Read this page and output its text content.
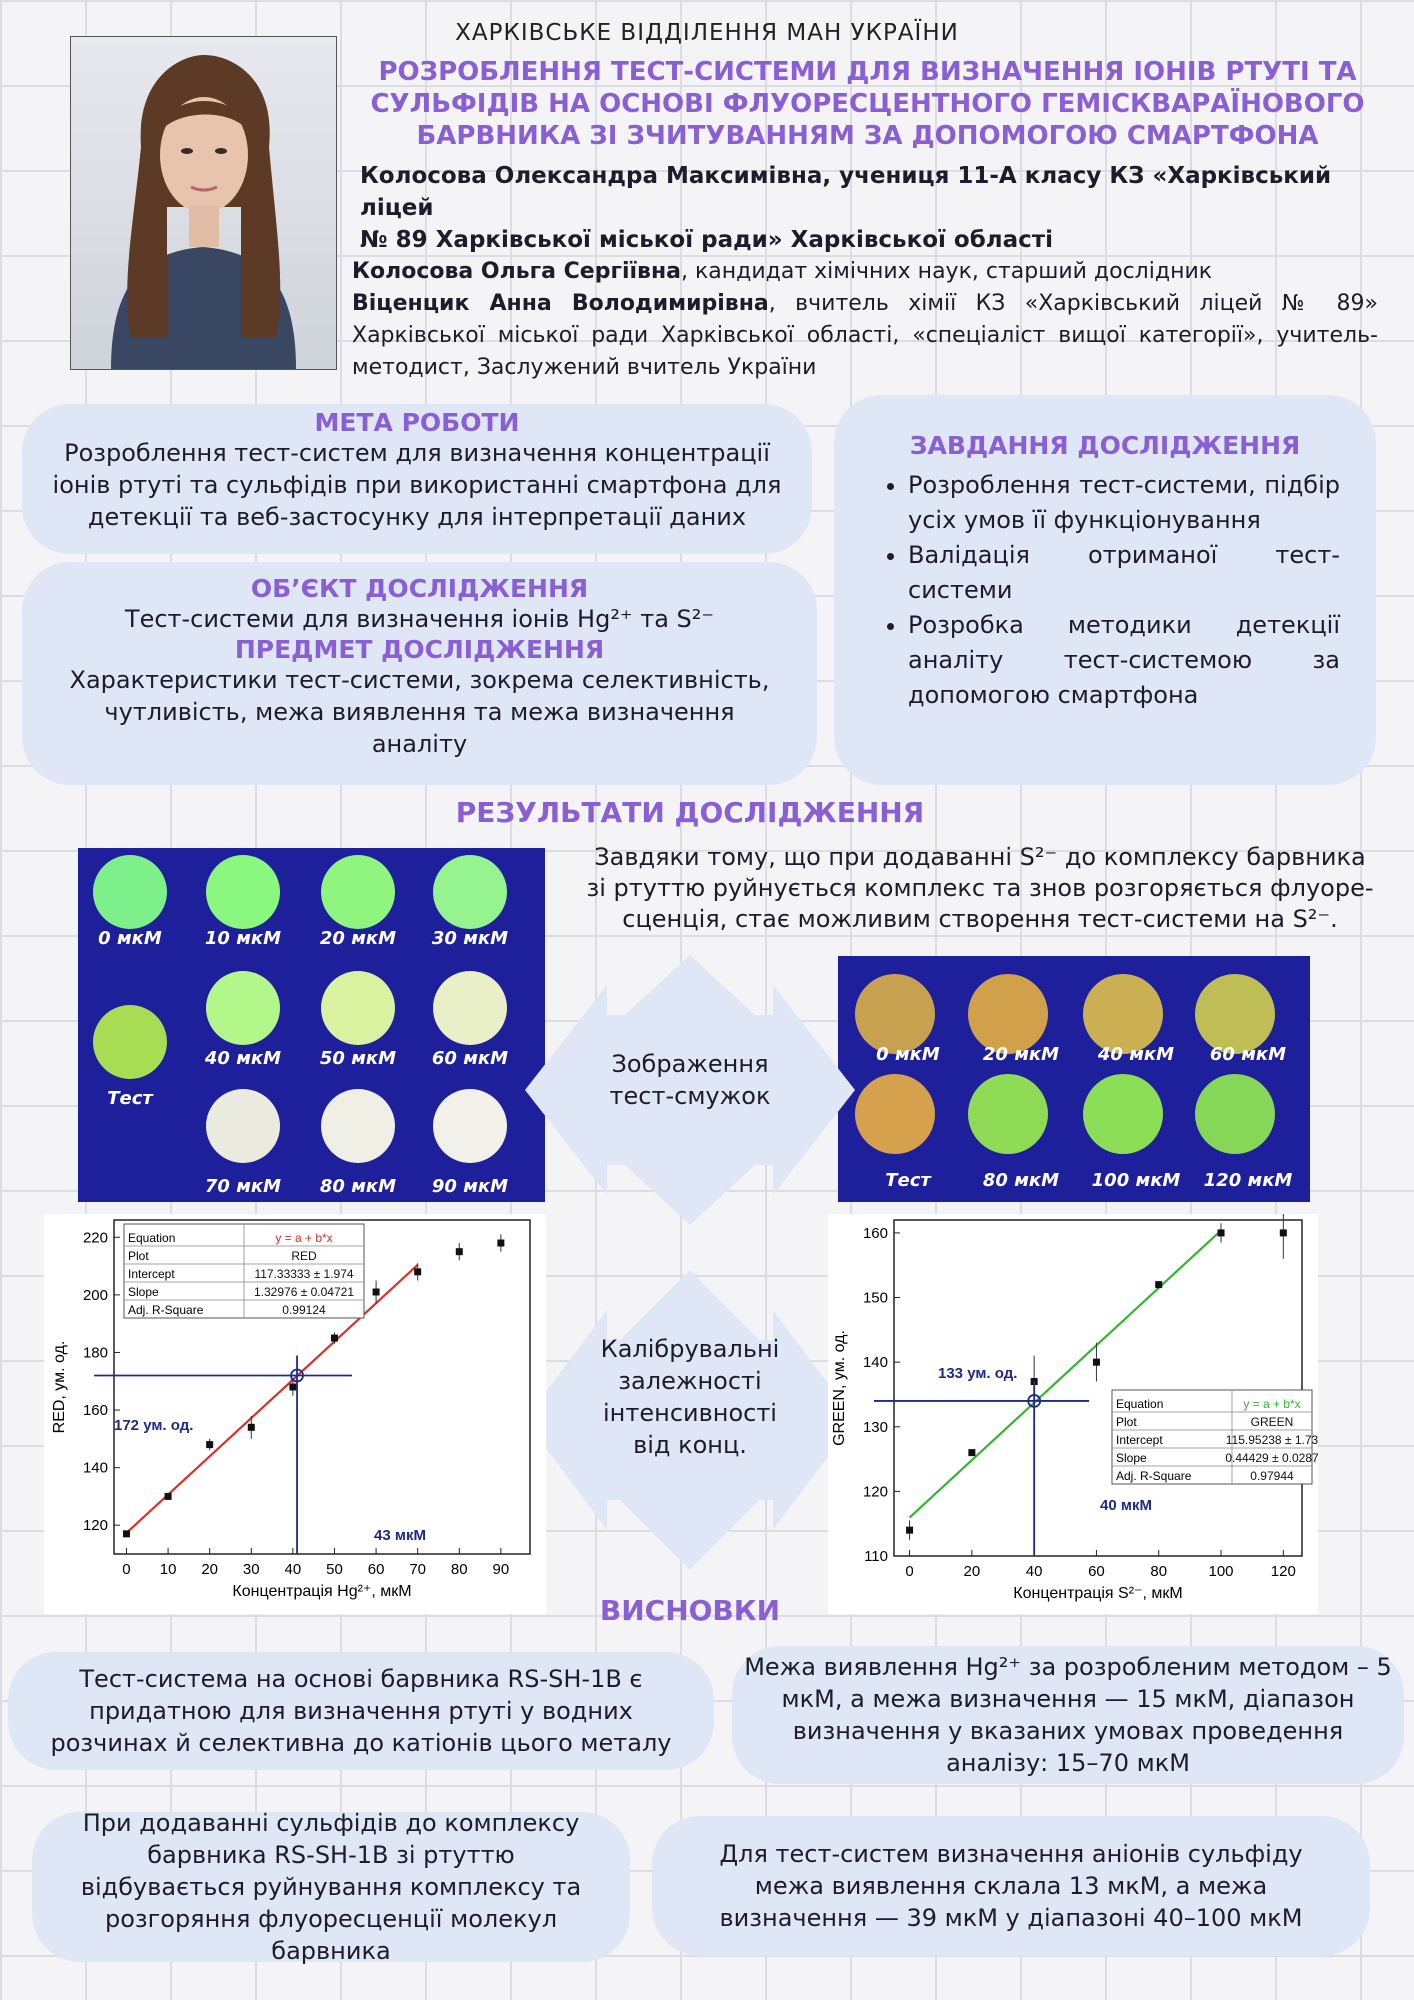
ХАРКІВСЬКЕ ВІДДІЛЕННЯ МАН УКРАЇНИ
РОЗРОБЛЕННЯ ТЕСТ-СИСТЕМИ ДЛЯ ВИЗНАЧЕННЯ ІОНІВ РТУТІ ТА
СУЛЬФІДІВ НА ОСНОВІ ФЛУОРЕСЦЕНТНОГО ГЕМІСКВАРАЇНОВОГО
БАРВНИКА ЗІ ЗЧИТУВАННЯМ ЗА ДОПОМОГОЮ СМАРТФОНА
Колосова Олександра Максимівна, учениця 11-А класу КЗ «Харківський ліцей
№ 89 Харківської міської ради» Харківської області
Колосова Ольга Сергіївна, кандидат хімічних наук, старший дослідник
Віценцик Анна Володимирівна, вчитель хімії КЗ «Харківський ліцей № 89» Харківської міської ради Харківської області, «спеціаліст вищої категорії», учитель-методист, Заслужений вчитель України
МЕТА РОБОТИ
Розроблення тест-систем для визначення концентрації іонів ртуті та сульфідів при використанні смартфона для детекції та веб-застосунку для інтерпретації даних
ОБ’ЄКТ ДОСЛІДЖЕННЯ
Тест-системи для визначення іонів Hg²⁺ та S²⁻
ПРЕДМЕТ ДОСЛІДЖЕННЯ
Характеристики тест-системи, зокрема селективність, чутливість, межа виявлення та межа визначення аналіту
ЗАВДАННЯ ДОСЛІДЖЕННЯ
• Розроблення тест-системи, підбір усіх умов її функціонування
• Валідація отриманої тест-системи
• Розробка методики детекції аналіту тест-системою за допомогою смартфона
РЕЗУЛЬТАТИ ДОСЛІДЖЕННЯ
Завдяки тому, що при додаванні S²⁻ до комплексу барвника
зі ртуттю руйнується комплекс та знов розгоряється флуоре-
сценція, стає можливим створення тест-системи на S²⁻.
0 мкМ 10 мкМ 20 мкМ 30 мкМ
40 мкМ 50 мкМ 60 мкМ
Тест
70 мкМ 80 мкМ 90 мкМ
0 мкМ 20 мкМ 40 мкМ 60 мкМ
Тест	80 мкМ 100 мкМ 120 мкМ
Зображення
тест-смужок
Калібрувальні
залежності
інтенсивності
від конц.
0 10 20 30 40 50 60 70 80 90
120
140
160
180
200
220
Концентрація Hg²⁺, мкМ
RED, ум. од.	172 ум. од.
43 мкМ
Equation	y = a + b*x
Plot	RED
Intercept	117.33333 ± 1.974
Slope	1.32976 ± 0.04721
Adj. R-Square	0.99124
0	20	40	60	80	100 120
110
120
130
140
150
160
Концентрація S²⁻, мкМ
GREEN, ум. од.	133 ум. од.
40 мкМ
Equation	y = a + b*x
Plot	GREEN
Intercept	115.95238 ± 1.73
Slope	0.44429 ± 0.0287
Adj. R-Square	0.97944
ВИСНОВКИ
Тест-система на основі барвника RS-SH-1B є придатною для визначення ртуті у водних розчинах й селективна до катіонів цього металу
Межа виявлення Hg²⁺ за розробленим методом – 5 мкМ, а межа визначення — 15 мкМ, діапазон визначення у вказаних умовах проведення аналізу: 15–70 мкМ
При додаванні сульфідів до комплексу барвника RS-SH-1B зі ртуттю відбувається руйнування комплексу та розгоряння флуоресценції молекул барвника
Для тест-систем визначення аніонів сульфіду межа виявлення склала 13 мкМ, а межа визначення — 39 мкМ у діапазоні 40–100 мкМ
